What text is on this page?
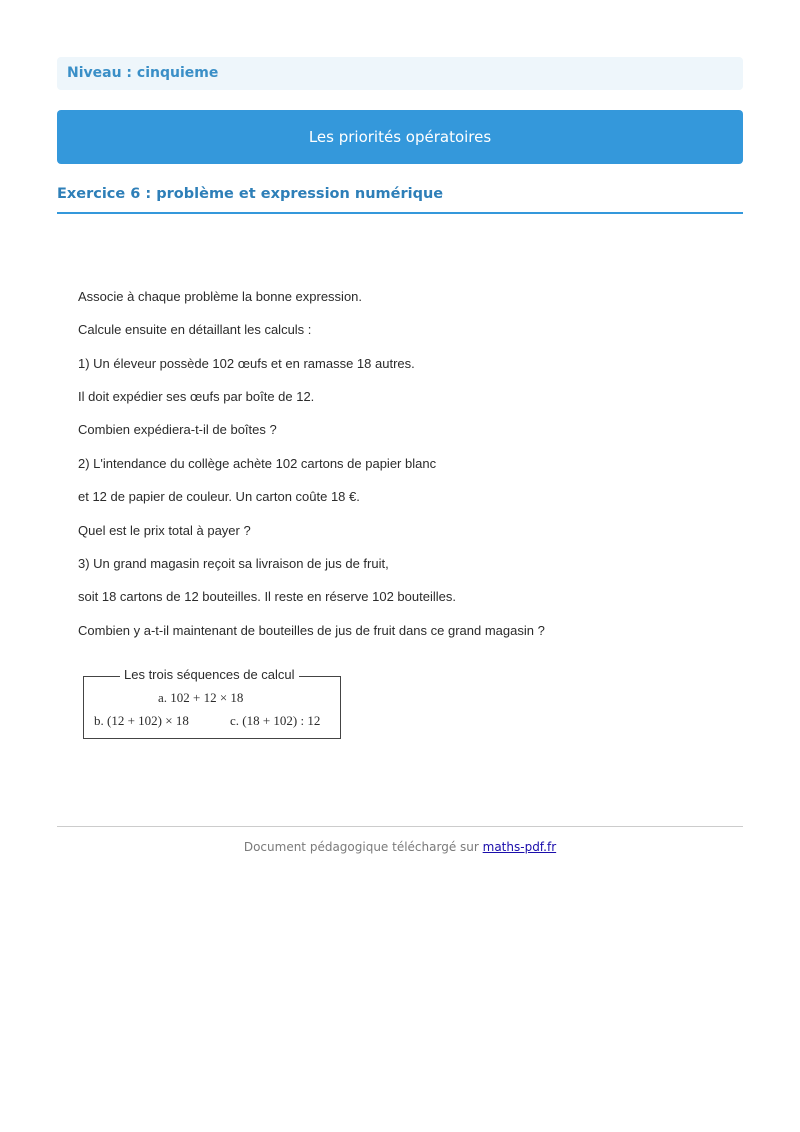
Niveau : cinquieme
Les priorités opératoires
Exercice 6 : problème et expression numérique
Associe à chaque problème la bonne expression.
Calcule ensuite en détaillant les calculs :
1) Un éleveur possède 102 œufs et en ramasse 18 autres.
Il doit expédier ses œufs par boîte de 12.
Combien expédiera-t-il de boîtes ?
2) L'intendance du collège achète 102 cartons de papier blanc
et 12 de papier de couleur. Un carton coûte 18 €.
Quel est le prix total à payer ?
3) Un grand magasin reçoit sa livraison de jus de fruit,
soit 18 cartons de 12 bouteilles. Il reste en réserve 102 bouteilles.
Combien y a-t-il maintenant de bouteilles de jus de fruit dans ce grand magasin ?
Les trois séquences de calcul
a. 102 + 12 × 18
b. (12 + 102) × 18	c. (18 + 102) : 12
Document pédagogique téléchargé sur maths-pdf.fr
